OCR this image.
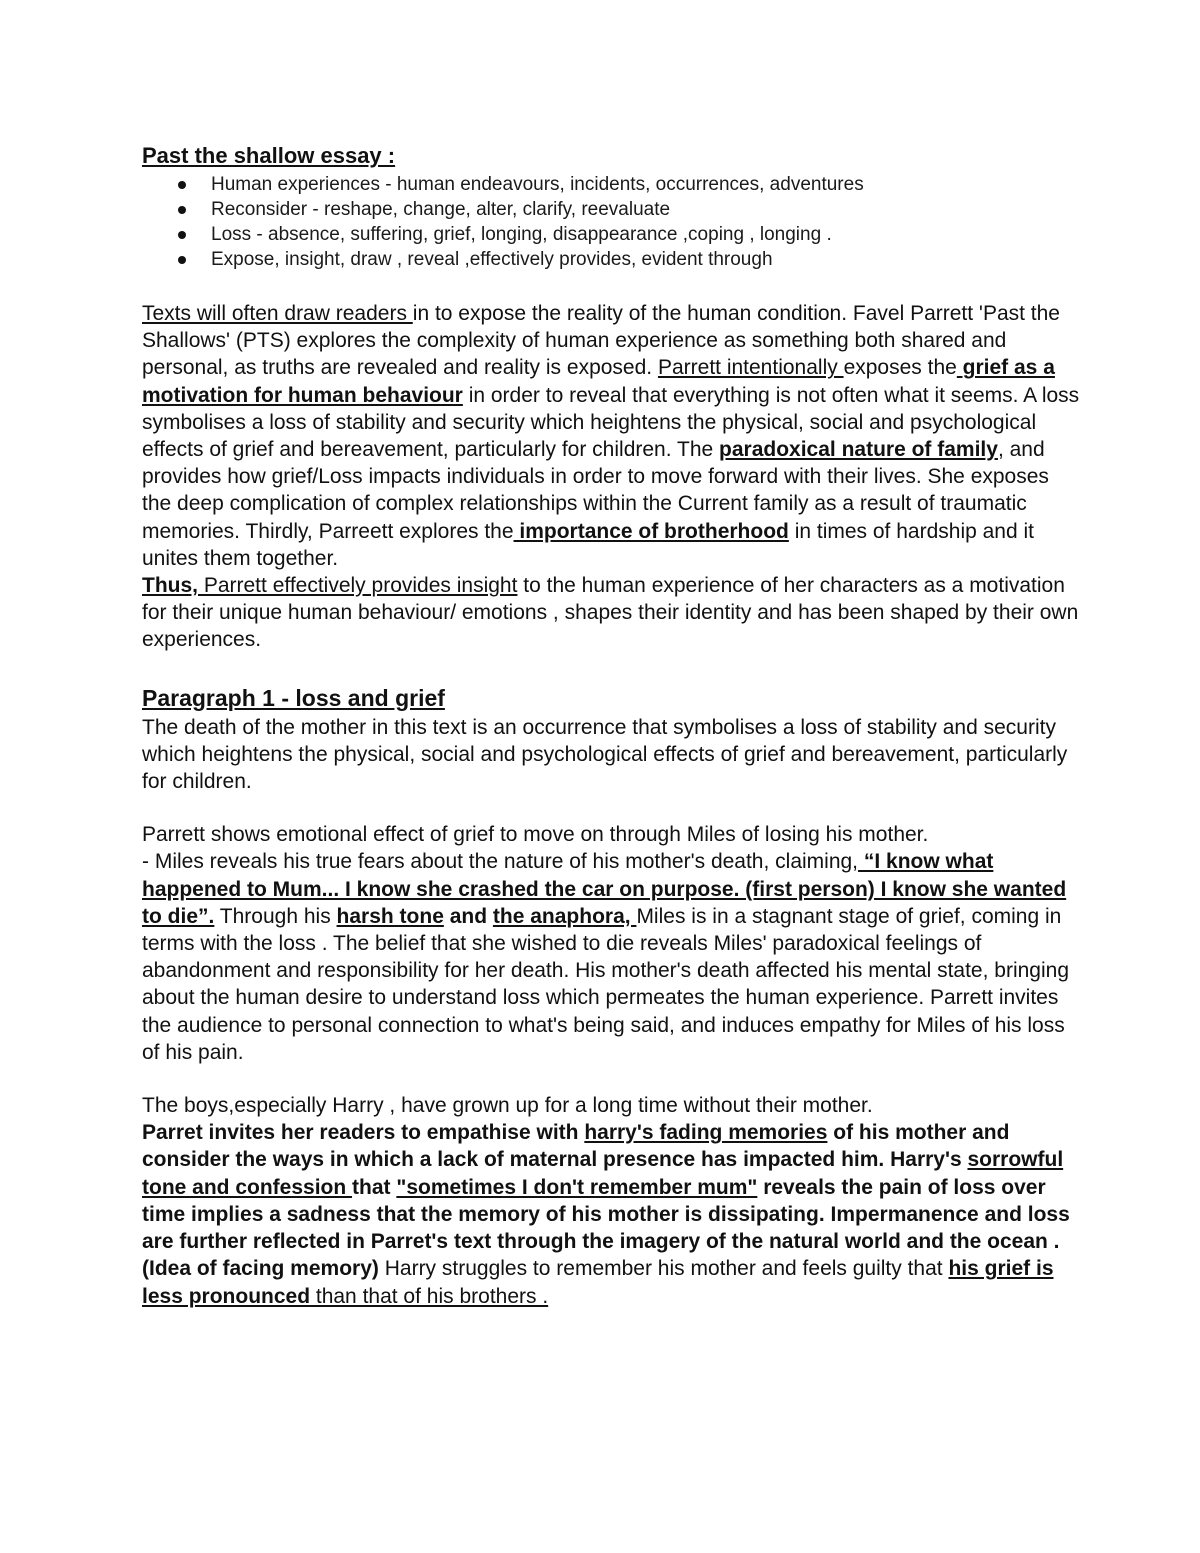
Past the shallow essay :

Human experiences - human endeavours, incidents, occurrences, adventures
Reconsider - reshape, change, alter, clarify, reevaluate
Loss - absence, suffering, grief, longing, disappearance ,coping , longing .
Expose, insight, draw , reveal ,effectively provides, evident through

Texts will often draw readers in to expose the reality of the human condition. Favel Parrett 'Past the Shallows' (PTS) explores the complexity of human experience as something both shared and personal, as truths are revealed and reality is exposed. Parrett intentionally exposes the grief as a motivation for human behaviour in order to reveal that everything is not often what it seems. A loss symbolises a loss of stability and security which heightens the physical, social and psychological effects of grief and bereavement, particularly for children. The paradoxical nature of family, and provides how grief/Loss impacts individuals in order to move forward with their lives. She exposes the deep complication of complex relationships within the Current family as a result of traumatic memories. Thirdly, Parreett explores the importance of brotherhood in times of hardship and it unites them together.
Thus, Parrett effectively provides insight to the human experience of her characters as a motivation for their unique human behaviour/ emotions , shapes their identity and has been shaped by their own experiences.

Paragraph 1 - loss and grief

The death of the mother in this text is an occurrence that symbolises a loss of stability and security which heightens the physical, social and psychological effects of grief and bereavement, particularly for children.

Parrett shows emotional effect of grief to move on through Miles of losing his mother.
- Miles reveals his true fears about the nature of his mother's death, claiming, “I know what happened to Mum... I know she crashed the car on purpose. (first person) I know she wanted to die”. Through his harsh tone and the anaphora, Miles is in a stagnant stage of grief, coming in terms with the loss . The belief that she wished to die reveals Miles' paradoxical feelings of abandonment and responsibility for her death. His mother's death affected his mental state, bringing about the human desire to understand loss which permeates the human experience. Parrett invites the audience to personal connection to what's being said, and induces empathy for Miles of his loss of his pain.

The boys,especially Harry , have grown up for a long time without their mother.
Parret invites her readers to empathise with harry's fading memories of his mother and consider the ways in which a lack of maternal presence has impacted him. Harry's sorrowful tone and confession that "sometimes I don't remember mum" reveals the pain of loss over time implies a sadness that the memory of his mother is dissipating. Impermanence and loss are further reflected in Parret's text through the imagery of the natural world and the ocean . (Idea of facing memory) Harry struggles to remember his mother and feels guilty that his grief is less pronounced than that of his brothers .
